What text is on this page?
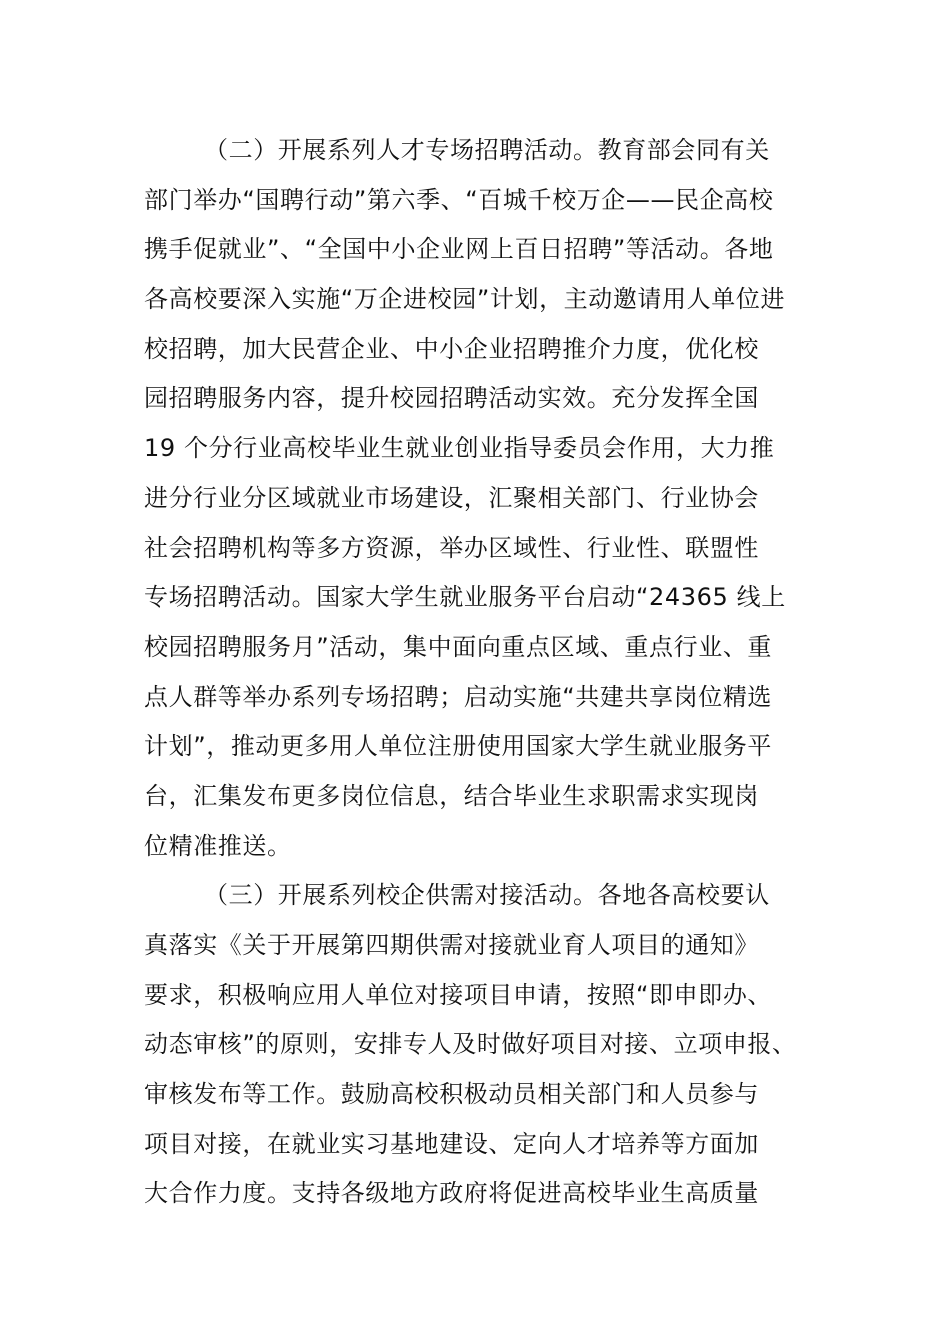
（二）开展系列人才专场招聘活动。教育部会同有关
部门举办“国聘行动”第六季、“百城千校万企——民企高校
携手促就业”、“全国中小企业网上百日招聘”等活动。各地
各高校要深入实施“万企进校园”计划，主动邀请用人单位进
校招聘，加大民营企业、中小企业招聘推介力度，优化校
园招聘服务内容，提升校园招聘活动实效。充分发挥全国
19 个分行业高校毕业生就业创业指导委员会作用，大力推
进分行业分区域就业市场建设，汇聚相关部门、行业协会
社会招聘机构等多方资源，举办区域性、行业性、联盟性
专场招聘活动。国家大学生就业服务平台启动“24365 线上
校园招聘服务月”活动，集中面向重点区域、重点行业、重
点人群等举办系列专场招聘；启动实施“共建共享岗位精选
计划”，推动更多用人单位注册使用国家大学生就业服务平
台，汇集发布更多岗位信息，结合毕业生求职需求实现岗
位精准推送。
（三）开展系列校企供需对接活动。各地各高校要认
真落实《关于开展第四期供需对接就业育人项目的通知》
要求，积极响应用人单位对接项目申请，按照“即申即办、
动态审核”的原则，安排专人及时做好项目对接、立项申报、
审核发布等工作。鼓励高校积极动员相关部门和人员参与
项目对接，在就业实习基地建设、定向人才培养等方面加
大合作力度。支持各级地方政府将促进高校毕业生高质量
